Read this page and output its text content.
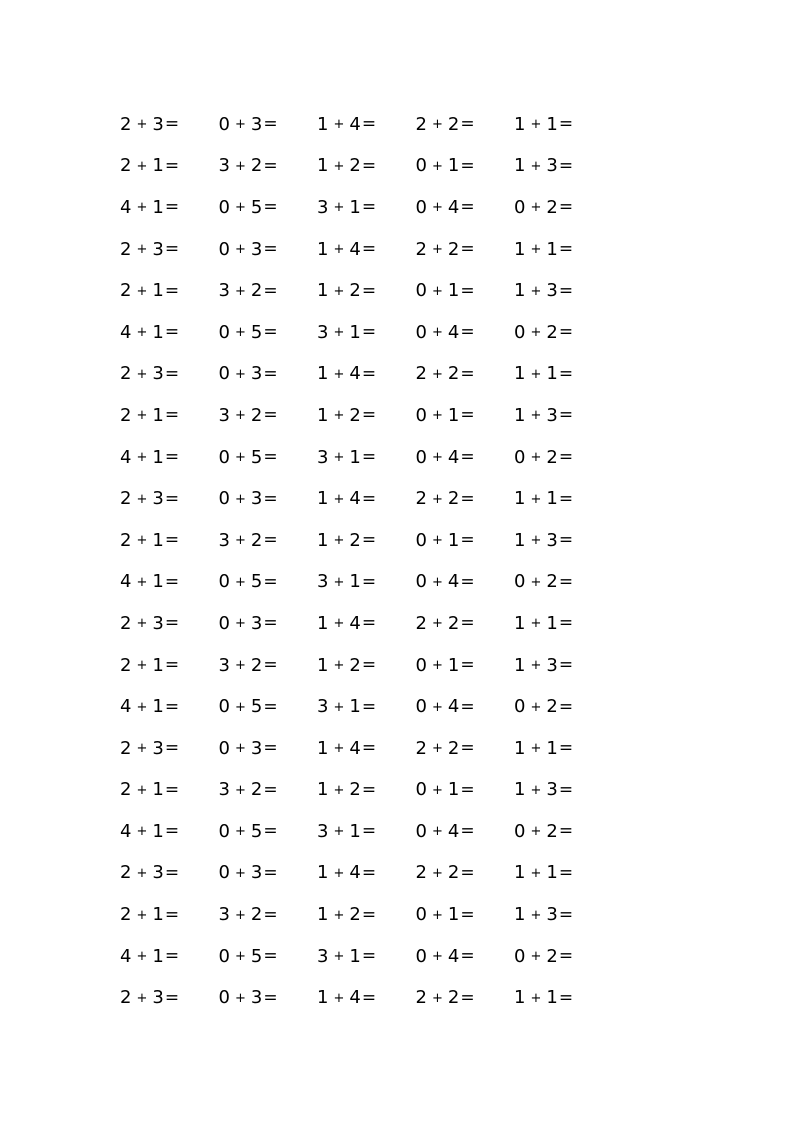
2 + 3 = 0 + 3 = 1 + 4 = 2 + 2 = 1 + 1 =
2 + 1 = 3 + 2 = 1 + 2 = 0 + 1 = 1 + 3 =
4 + 1 = 0 + 5 = 3 + 1 = 0 + 4 = 0 + 2 =
2 + 3 = 0 + 3 = 1 + 4 = 2 + 2 = 1 + 1 =
2 + 1 = 3 + 2 = 1 + 2 = 0 + 1 = 1 + 3 =
4 + 1 = 0 + 5 = 3 + 1 = 0 + 4 = 0 + 2 =
2 + 3 = 0 + 3 = 1 + 4 = 2 + 2 = 1 + 1 =
2 + 1 = 3 + 2 = 1 + 2 = 0 + 1 = 1 + 3 =
4 + 1 = 0 + 5 = 3 + 1 = 0 + 4 = 0 + 2 =
2 + 3 = 0 + 3 = 1 + 4 = 2 + 2 = 1 + 1 =
2 + 1 = 3 + 2 = 1 + 2 = 0 + 1 = 1 + 3 =
4 + 1 = 0 + 5 = 3 + 1 = 0 + 4 = 0 + 2 =
2 + 3 = 0 + 3 = 1 + 4 = 2 + 2 = 1 + 1 =
2 + 1 = 3 + 2 = 1 + 2 = 0 + 1 = 1 + 3 =
4 + 1 = 0 + 5 = 3 + 1 = 0 + 4 = 0 + 2 =
2 + 3 = 0 + 3 = 1 + 4 = 2 + 2 = 1 + 1 =
2 + 1 = 3 + 2 = 1 + 2 = 0 + 1 = 1 + 3 =
4 + 1 = 0 + 5 = 3 + 1 = 0 + 4 = 0 + 2 =
2 + 3 = 0 + 3 = 1 + 4 = 2 + 2 = 1 + 1 =
2 + 1 = 3 + 2 = 1 + 2 = 0 + 1 = 1 + 3 =
4 + 1 = 0 + 5 = 3 + 1 = 0 + 4 = 0 + 2 =
2 + 3 = 0 + 3 = 1 + 4 = 2 + 2 = 1 + 1 =
